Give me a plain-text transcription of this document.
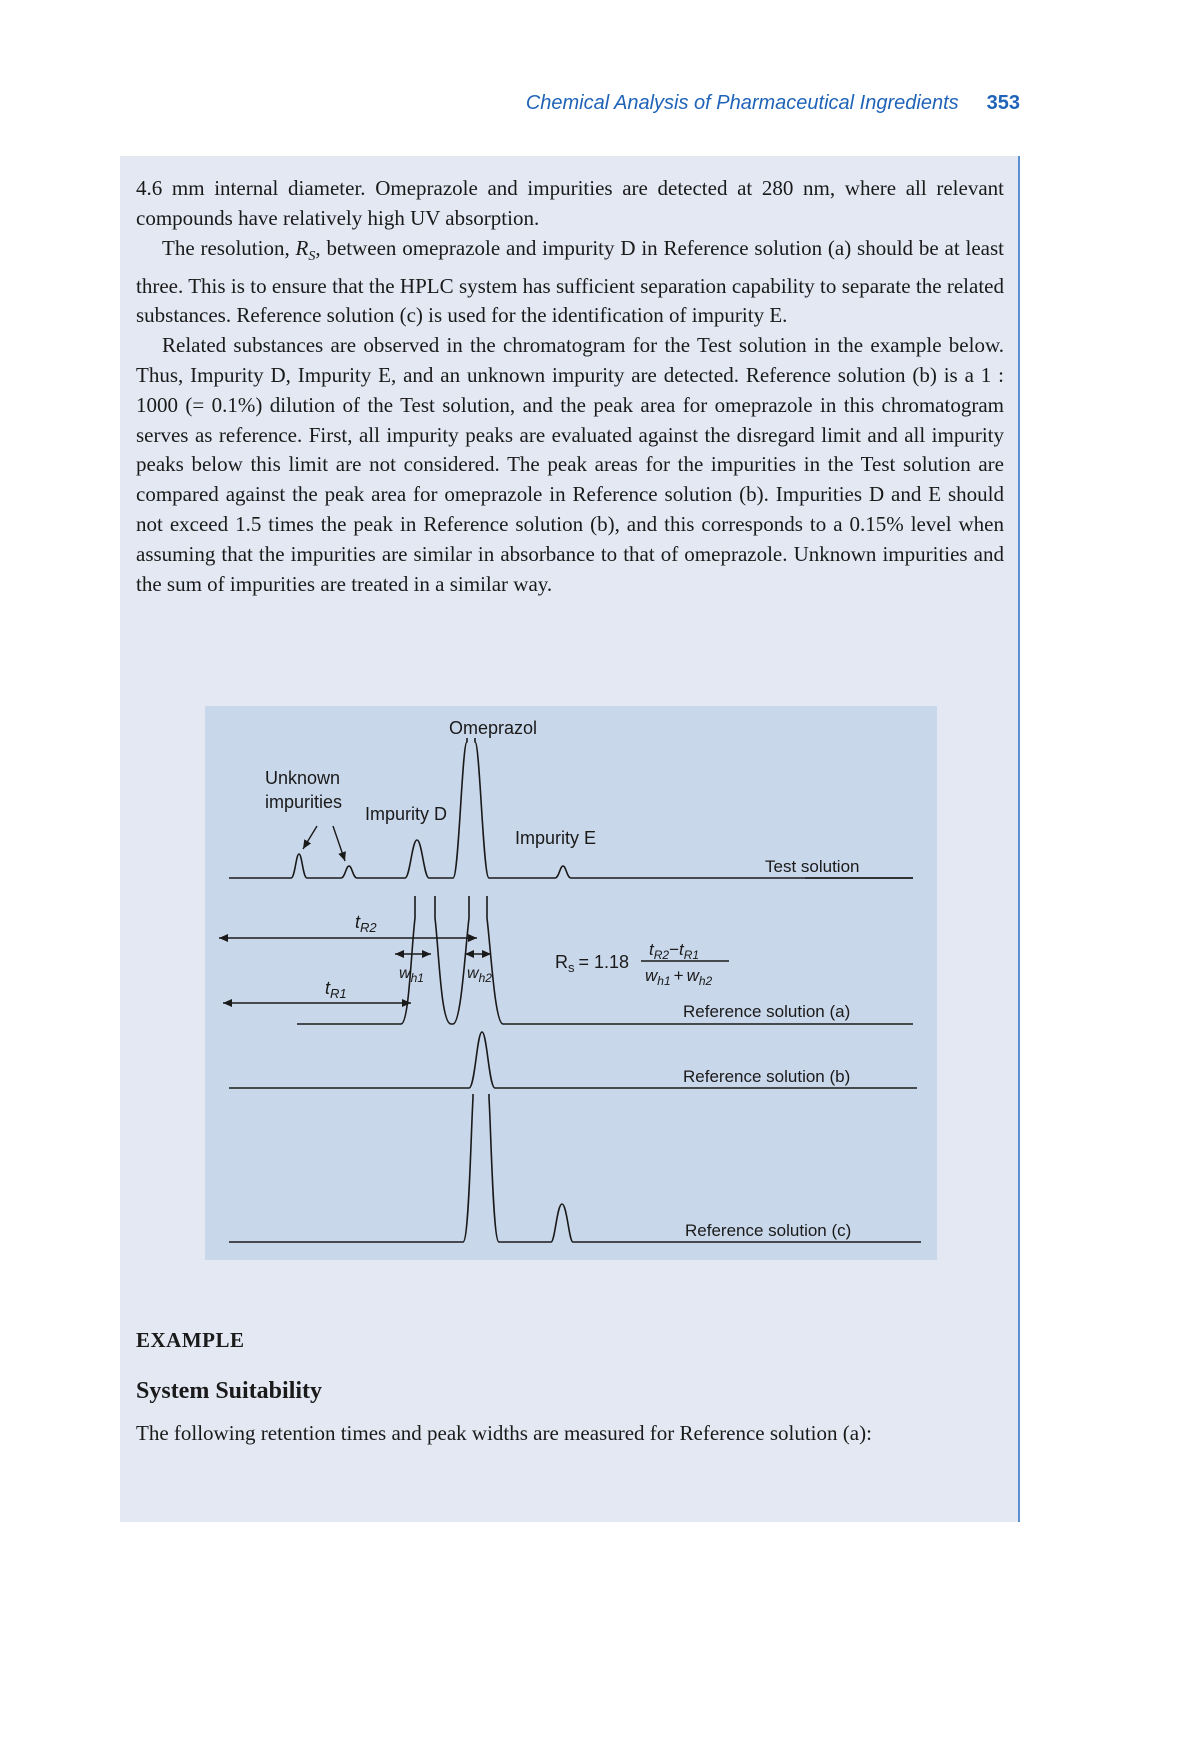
Chemical Analysis of Pharmaceutical Ingredients 353

4.6 mm internal diameter. Omeprazole and impurities are detected at 280 nm, where all relevant compounds have relatively high UV absorption.

The resolution, $R_S$, between omeprazole and impurity D in Reference solution (a) should be at least three. This is to ensure that the HPLC system has sufficient separation capability to separate the related substances. Reference solution (c) is used for the identification of impurity E.

Related substances are observed in the chromatogram for the Test solution in the example below. Thus, Impurity D, Impurity E, and an unknown impurity are detected. Reference solution (b) is a 1 : 1000 (= 0.1%) dilution of the Test solution, and the peak area for omeprazole in this chromatogram serves as reference. First, all impurity peaks are evaluated against the disregard limit and all impurity peaks below this limit are not considered. The peak areas for the impurities in the Test solution are compared against the peak area for omeprazole in Reference solution (b). Impurities D and E should not exceed 1.5 times the peak in Reference solution (b), and this corresponds to a 0.15% level when assuming that the impurities are similar in absorbance to that of omeprazole. Unknown impurities and the sum of impurities are treated in a similar way.

Omeprazol
Unknown
impurities
Impurity D
Impurity E
Test solution
Reference solution (a)
Reference solution (b)
Reference solution (c)
$t_{R2}$
$t_{R1}$
$w_{h1}$	$w_{h2}$
$R_s = 1.18$
$t_{R2}-t_{R1}$
$w_{h1} + w_{h2}$
EXAMPLE
System Suitability
The following retention times and peak widths are measured for Reference solution (a):
